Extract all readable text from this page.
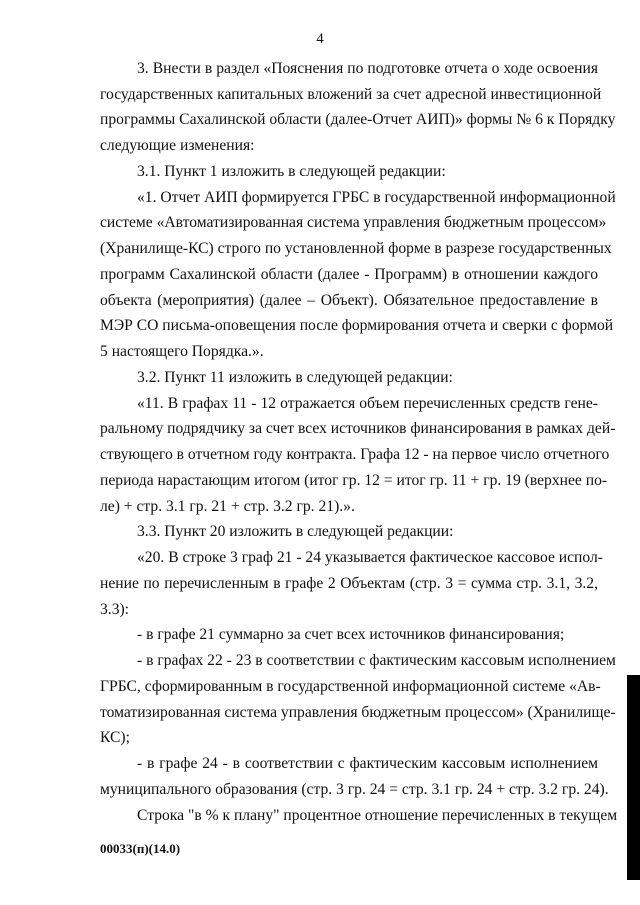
4
3. Внести в раздел «Пояснения по подготовке отчета о ходе освоения
государственных капитальных вложений за счет адресной инвестиционной
программы Сахалинской области (далее-Отчет АИП)» формы № 6 к Порядку
следующие изменения:
3.1. Пункт 1 изложить в следующей редакции:
«1. Отчет АИП формируется ГРБС в государственной информационной
системе «Автоматизированная система управления бюджетным процессом»
(Хранилище-КС) строго по установленной форме в разрезе государственных
программ Сахалинской области (далее - Программ) в отношении каждого
объекта (мероприятия) (далее – Объект). Обязательное предоставление в
МЭР СО письма-оповещения после формирования отчета и сверки с формой
5 настоящего Порядка.».
3.2. Пункт 11 изложить в следующей редакции:
«11. В графах 11 - 12 отражается объем перечисленных средств гене-
ральному подрядчику за счет всех источников финансирования в рамках дей-
ствующего в отчетном году контракта. Графа 12 - на первое число отчетного
периода нарастающим итогом (итог гр. 12 = итог гр. 11 + гр. 19 (верхнее по-
ле) + стр. 3.1 гр. 21 + стр. 3.2 гр. 21).».
3.3. Пункт 20 изложить в следующей редакции:
«20. В строке 3 граф 21 - 24 указывается фактическое кассовое испол-
нение по перечисленным в графе 2 Объектам (стр. 3 = сумма стр. 3.1, 3.2,
3.3):
- в графе 21 суммарно за счет всех источников финансирования;
- в графах 22 - 23 в соответствии с фактическим кассовым исполнением
ГРБС, сформированным в государственной информационной системе «Ав-
томатизированная система управления бюджетным процессом» (Хранилище-
КС);
- в графе 24 - в соответствии с фактическим кассовым исполнением
муниципального образования (стр. 3 гр. 24 = стр. 3.1 гр. 24 + стр. 3.2 гр. 24).
Строка "в % к плану" процентное отношение перечисленных в текущем
00033(п)(14.0)
